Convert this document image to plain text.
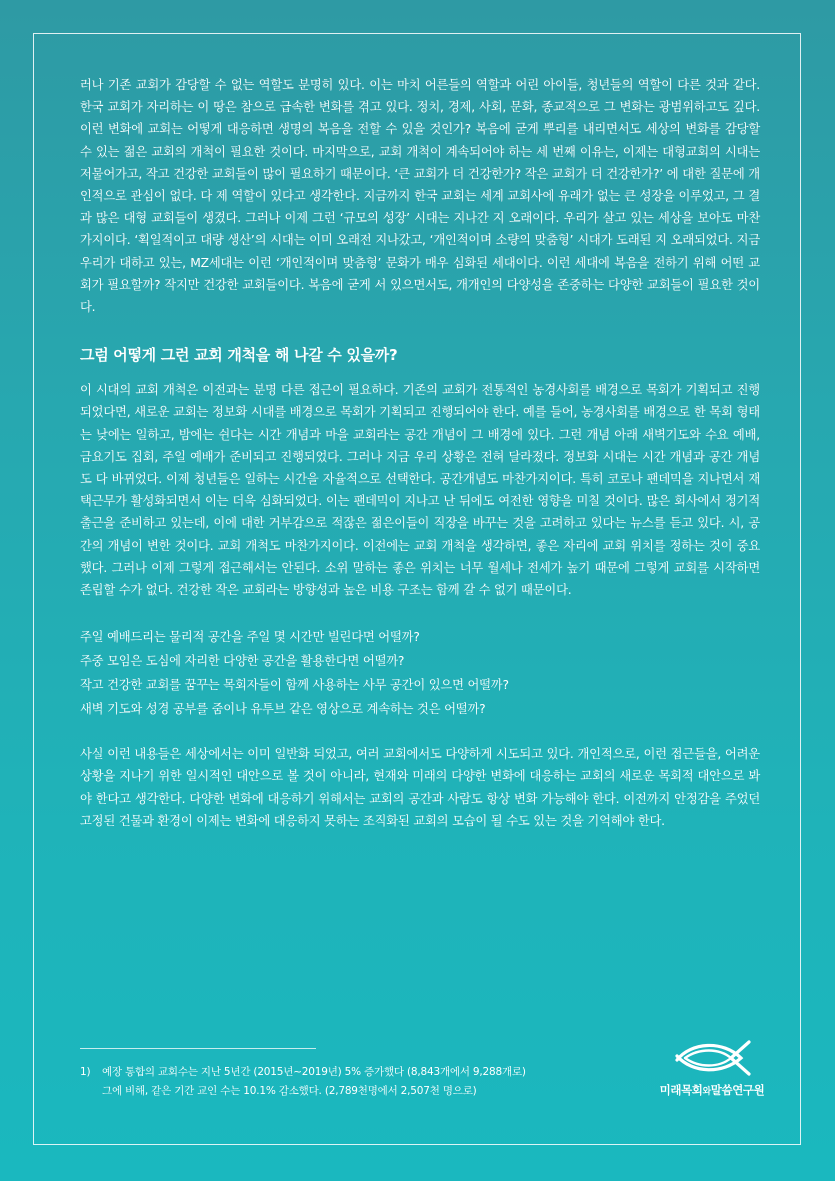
러나 기존 교회가 감당할 수 없는 역할도 분명히 있다. 이는 마치 어른들의 역할과 어린 아이들, 청년들의 역할이 다른 것과 같다. 한국 교회가 자리하는 이 땅은 참으로 급속한 변화를 겪고 있다. 정치, 경제, 사회, 문화, 종교적으로 그 변화는 광범위하고도 깊다. 이런 변화에 교회는 어떻게 대응하면 생명의 복음을 전할 수 있을 것인가? 복음에 굳게 뿌리를 내리면서도 세상의 변화를 감당할 수 있는 젊은 교회의 개척이 필요한 것이다. 마지막으로, 교회 개척이 계속되어야 하는 세 번째 이유는, 이제는 대형교회의 시대는 저물어가고, 작고 건강한 교회들이 많이 필요하기 때문이다. ‘큰 교회가 더 건강한가? 작은 교회가 더 건강한가?’ 에 대한 질문에 개인적으로 관심이 없다. 다 제 역할이 있다고 생각한다. 지금까지 한국 교회는 세계 교회사에 유래가 없는 큰 성장을 이루었고, 그 결과 많은 대형 교회들이 생겼다. 그러나 이제 그런 ‘규모의 성장’ 시대는 지나간 지 오래이다. 우리가 살고 있는 세상을 보아도 마찬가지이다. ‘획일적이고 대량 생산’의 시대는 이미 오래전 지나갔고, ‘개인적이며 소량의 맞춤형’ 시대가 도래된 지 오래되었다. 지금 우리가 대하고 있는, MZ세대는 이런 ‘개인적이며 맞춤형’ 문화가 매우 심화된 세대이다. 이런 세대에 복음을 전하기 위해 어떤 교회가 필요할까? 작지만 건강한 교회들이다. 복음에 굳게 서 있으면서도, 개개인의 다양성을 존중하는 다양한 교회들이 필요한 것이다.

그럼 어떻게 그런 교회 개척을 해 나갈 수 있을까?

이 시대의 교회 개척은 이전과는 분명 다른 접근이 필요하다. 기존의 교회가 전통적인 농경사회를 배경으로 목회가 기획되고 진행되었다면, 새로운 교회는 정보화 시대를 배경으로 목회가 기획되고 진행되어야 한다. 예를 들어, 농경사회를 배경으로 한 목회 형태는 낮에는 일하고, 밤에는 쉰다는 시간 개념과 마을 교회라는 공간 개념이 그 배경에 있다. 그런 개념 아래 새벽기도와 수요 예배, 금요기도 집회, 주일 예배가 준비되고 진행되었다. 그러나 지금 우리 상황은 전혀 달라졌다. 정보화 시대는 시간 개념과 공간 개념도 다 바뀌었다. 이제 청년들은 일하는 시간을 자율적으로 선택한다. 공간개념도 마찬가지이다. 특히 코로나 팬데믹을 지나면서 재택근무가 활성화되면서 이는 더욱 심화되었다. 이는 팬데믹이 지나고 난 뒤에도 여전한 영향을 미칠 것이다. 많은 회사에서 정기적 출근을 준비하고 있는데, 이에 대한 거부감으로 적잖은 젊은이들이 직장을 바꾸는 것을 고려하고 있다는 뉴스를 듣고 있다. 시, 공간의 개념이 변한 것이다. 교회 개척도 마찬가지이다. 이전에는 교회 개척을 생각하면, 좋은 자리에 교회 위치를 정하는 것이 중요했다. 그러나 이제 그렇게 접근해서는 안된다. 소위 말하는 좋은 위치는 너무 월세나 전세가 높기 때문에 그렇게 교회를 시작하면 존립할 수가 없다. 건강한 작은 교회라는 방향성과 높은 비용 구조는 함께 갈 수 없기 때문이다.

주일 예배드리는 물리적 공간을 주일 몇 시간만 빌린다면 어떨까?
주중 모임은 도심에 자리한 다양한 공간을 활용한다면 어떨까?
작고 건강한 교회를 꿈꾸는 목회자들이 함께 사용하는 사무 공간이 있으면 어떨까?
새벽 기도와 성경 공부를 줌이나 유투브 같은 영상으로 계속하는 것은 어떨까?

사실 이런 내용들은 세상에서는 이미 일반화 되었고, 여러 교회에서도 다양하게 시도되고 있다. 개인적으로, 이런 접근들을, 어려운 상황을 지나기 위한 일시적인 대안으로 볼 것이 아니라, 현재와 미래의 다양한 변화에 대응하는 교회의 새로운 목회적 대안으로 봐야 한다고 생각한다. 다양한 변화에 대응하기 위해서는 교회의 공간과 사람도 항상 변화 가능해야 한다. 이전까지 안정감을 주었던 고정된 건물과 환경이 이제는 변화에 대응하지 못하는 조직화된 교회의 모습이 될 수도 있는 것을 기억해야 한다.

1) 예장 통합의 교회수는 지난 5년간 (2015년~2019년) 5% 증가했다 (8,843개에서 9,288개로)
그에 비해, 같은 기간 교인 수는 10.1% 감소했다. (2,789천명에서 2,507천 명으로)	미래목회와말씀연구원
